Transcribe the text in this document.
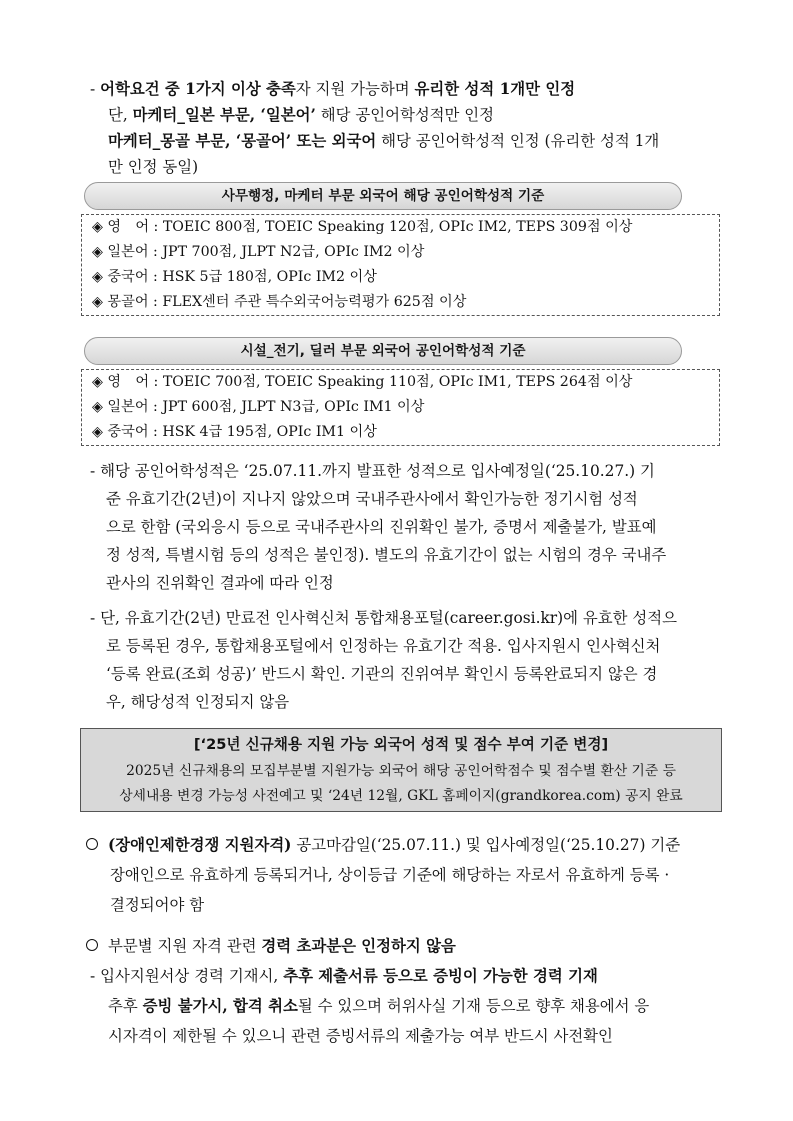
- 어학요건 중 1가지 이상 충족자 지원 가능하며 유리한 성적 1개만 인정
단, 마케터_일본 부문, ‘일본어’ 해당 공인어학성적만 인정
마케터_몽골 부문, ‘몽골어’ 또는 외국어 해당 공인어학성적 인정 (유리한 성적 1개
만 인정 동일)
사무행정, 마케터 부문 외국어 해당 공인어학성적 기준
◈ 영　어 : TOEIC 800점, TOEIC Speaking 120점, OPIc IM2, TEPS 309점 이상
◈ 일본어 : JPT 700점, JLPT N2급, OPIc IM2 이상
◈ 중국어 : HSK 5급 180점, OPIc IM2 이상
◈ 몽골어 : FLEX센터 주관 특수외국어능력평가 625점 이상
시설_전기, 딜러 부문 외국어 공인어학성적 기준
◈ 영　어 : TOEIC 700점, TOEIC Speaking 110점, OPIc IM1, TEPS 264점 이상
◈ 일본어 : JPT 600점, JLPT N3급, OPIc IM1 이상
◈ 중국어 : HSK 4급 195점, OPIc IM1 이상
- 해당 공인어학성적은 ‘25.07.11.까지 발표한 성적으로 입사예정일(‘25.10.27.) 기
준 유효기간(2년)이 지나지 않았으며 국내주관사에서 확인가능한 정기시험 성적
으로 한함 (국외응시 등으로 국내주관사의 진위확인 불가, 증명서 제출불가, 발표예
정 성적, 특별시험 등의 성적은 불인정). 별도의 유효기간이 없는 시험의 경우 국내주
관사의 진위확인 결과에 따라 인정
- 단, 유효기간(2년) 만료전 인사혁신처 통합채용포털(career.gosi.kr)에 유효한 성적으
로 등록된 경우, 통합채용포털에서 인정하는 유효기간 적용. 입사지원시 인사혁신처
‘등록 완료(조회 성공)’ 반드시 확인. 기관의 진위여부 확인시 등록완료되지 않은 경
우, 해당성적 인정되지 않음
[‘25년 신규채용 지원 가능 외국어 성적 및 점수 부여 기준 변경]
2025년 신규채용의 모집부분별 지원가능 외국어 해당 공인어학점수 및 점수별 환산 기준 등
상세내용 변경 가능성 사전예고 및 ‘24년 12월, GKL 홈페이지(grandkorea.com) 공지 완료
(장애인제한경쟁 지원자격) 공고마감일(‘25.07.11.) 및 입사예정일(‘25.10.27) 기준
장애인으로 유효하게 등록되거나, 상이등급 기준에 해당하는 자로서 유효하게 등록 ·
결정되어야 함
부문별 지원 자격 관련 경력 초과분은 인정하지 않음
- 입사지원서상 경력 기재시, 추후 제출서류 등으로 증빙이 가능한 경력 기재
추후 증빙 불가시, 합격 취소될 수 있으며 허위사실 기재 등으로 향후 채용에서 응
시자격이 제한될 수 있으니 관련 증빙서류의 제출가능 여부 반드시 사전확인
